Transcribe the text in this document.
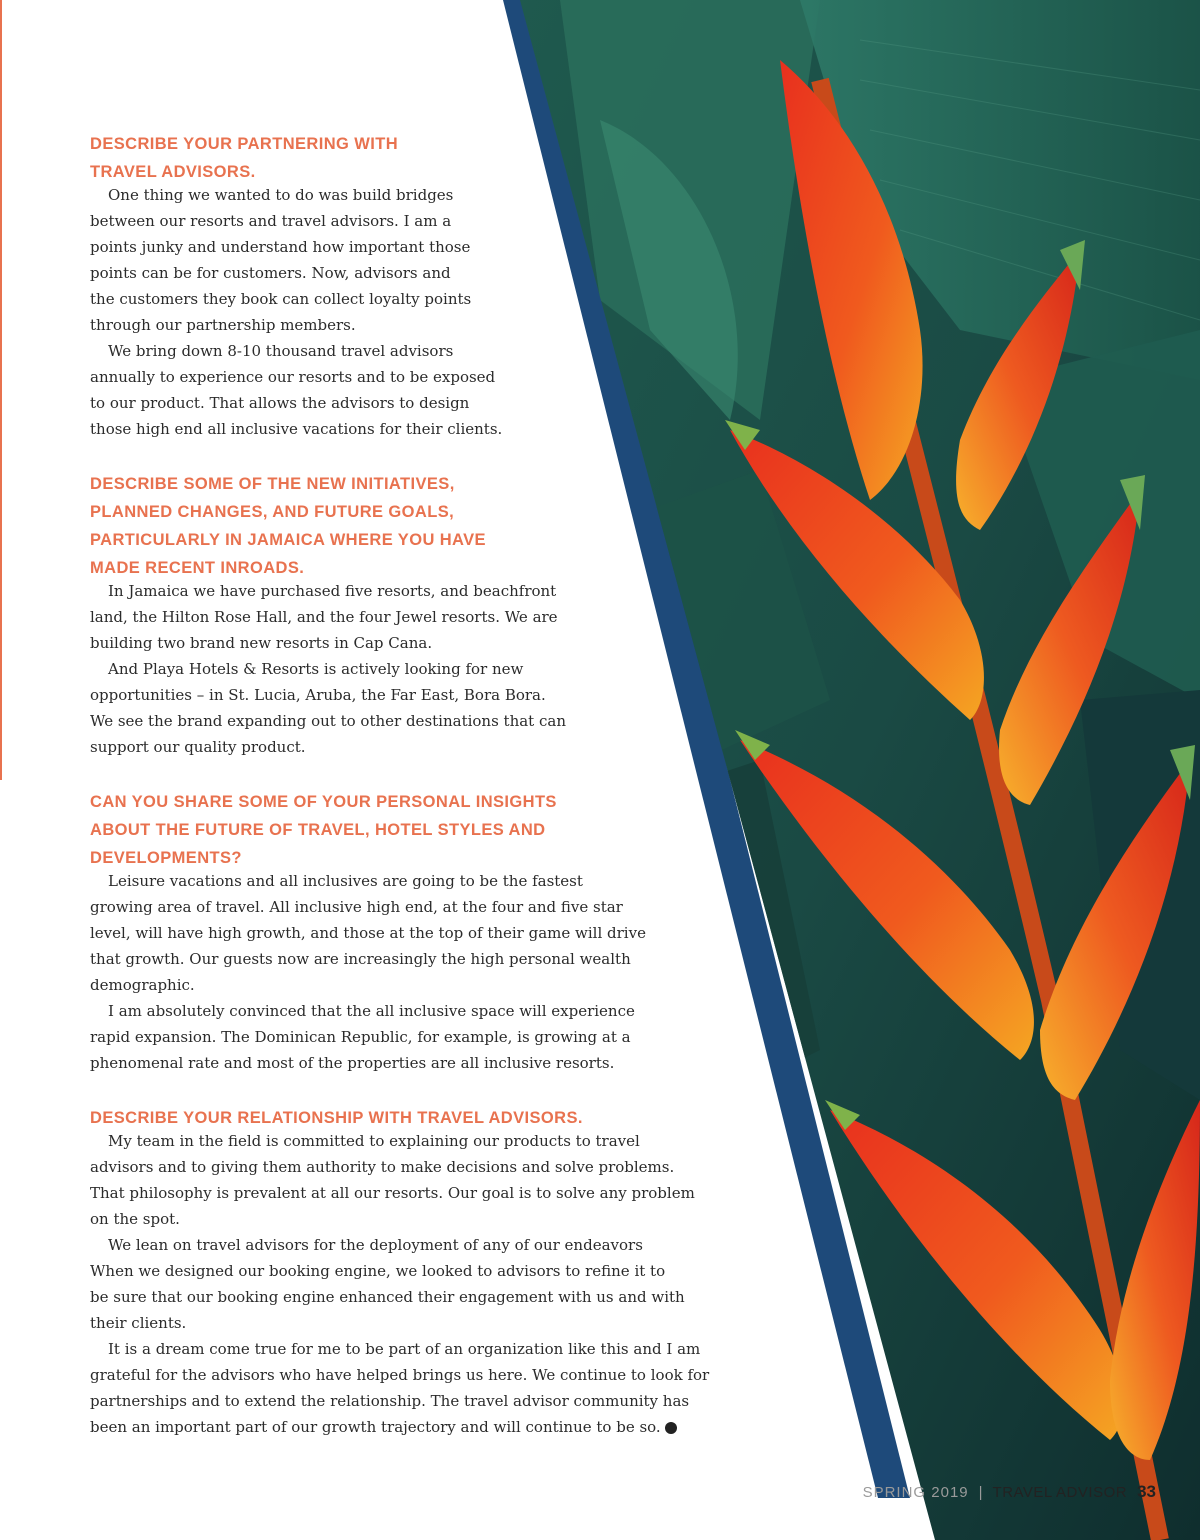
DESCRIBE YOUR PARTNERING WITH
TRAVEL ADVISORS.

One thing we wanted to do was build bridges
between our resorts and travel advisors. I am a
points junky and understand how important those
points can be for customers. Now, advisors and
the customers they book can collect loyalty points
through our partnership members.

We bring down 8-10 thousand travel advisors
annually to experience our resorts and to be exposed
to our product. That allows the advisors to design
those high end all inclusive vacations for their clients.

DESCRIBE SOME OF THE NEW INITIATIVES,
PLANNED CHANGES, AND FUTURE GOALS,
PARTICULARLY IN JAMAICA WHERE YOU HAVE
MADE RECENT INROADS.

In Jamaica we have purchased five resorts, and beachfront
land, the Hilton Rose Hall, and the four Jewel resorts. We are
building two brand new resorts in Cap Cana.

And Playa Hotels & Resorts is actively looking for new
opportunities – in St. Lucia, Aruba, the Far East, Bora Bora.
We see the brand expanding out to other destinations that can
support our quality product.

CAN YOU SHARE SOME OF YOUR PERSONAL INSIGHTS
ABOUT THE FUTURE OF TRAVEL, HOTEL STYLES AND
DEVELOPMENTS?

Leisure vacations and all inclusives are going to be the fastest
growing area of travel. All inclusive high end, at the four and five star
level, will have high growth, and those at the top of their game will drive
that growth. Our guests now are increasingly the high personal wealth
demographic.

I am absolutely convinced that the all inclusive space will experience
rapid expansion. The Dominican Republic, for example, is growing at a
phenomenal rate and most of the properties are all inclusive resorts.

DESCRIBE YOUR RELATIONSHIP WITH TRAVEL ADVISORS.

My team in the field is committed to explaining our products to travel
advisors and to giving them authority to make decisions and solve problems.
That philosophy is prevalent at all our resorts. Our goal is to solve any problem
on the spot.

We lean on travel advisors for the deployment of any of our endeavors
When we designed our booking engine, we looked to advisors to refine it to
be sure that our booking engine enhanced their engagement with us and with
their clients.

It is a dream come true for me to be part of an organization like this and I am
grateful for the advisors who have helped brings us here. We continue to look for
partnerships and to extend the relationship. The travel advisor community has
been an important part of our growth trajectory and will continue to be so.

SPRING 2019 | TRAVEL ADVISOR 33
